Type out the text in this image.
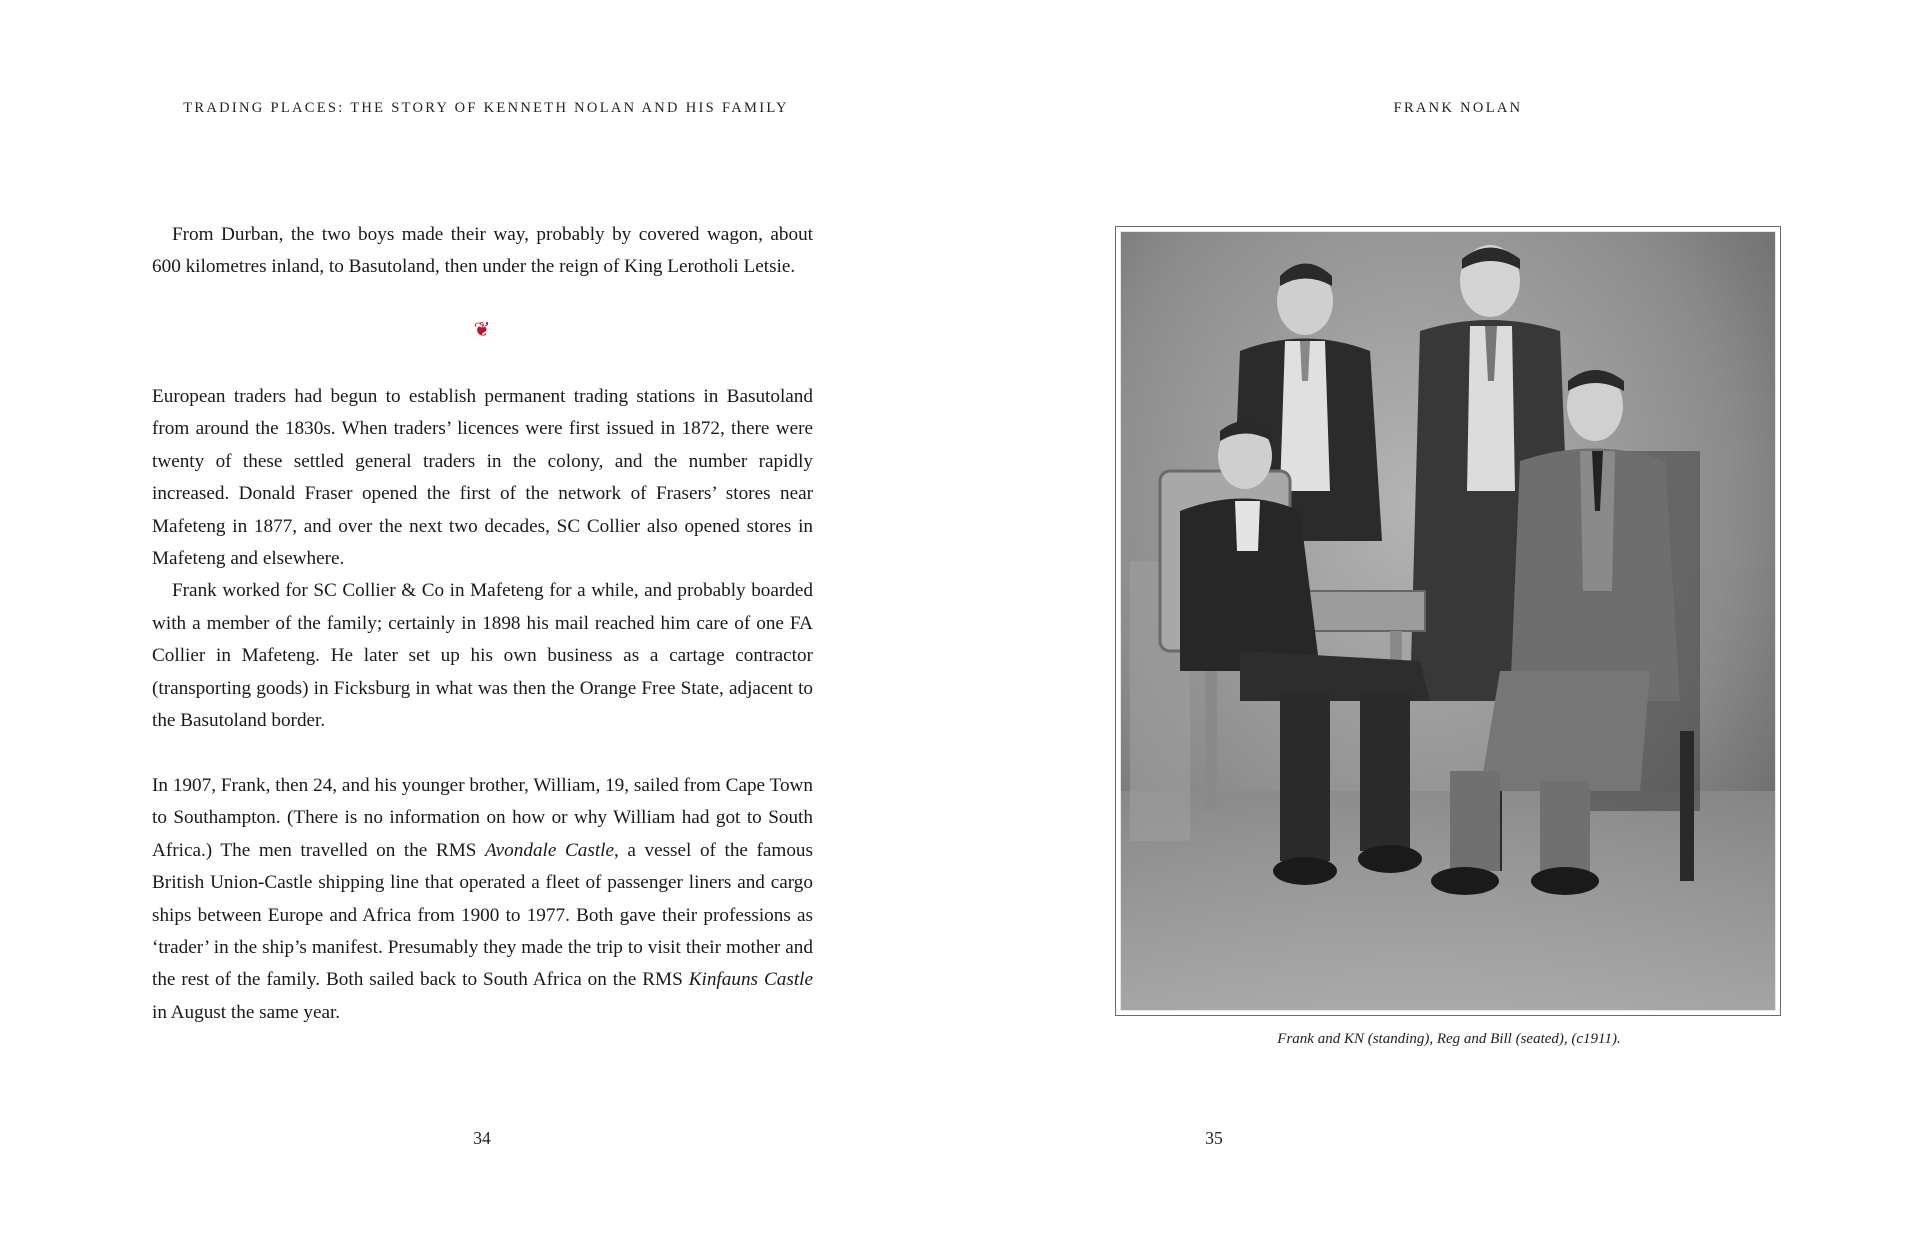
TRADING PLACES: THE STORY OF KENNETH NOLAN AND HIS FAMILY

From Durban, the two boys made their way, probably by covered wagon, about 600 kilometres inland, to Basutoland, then under the reign of King Lerotholi Letsie.

❦

European traders had begun to establish permanent trading stations in Basutoland from around the 1830s. When traders’ licences were first issued in 1872, there were twenty of these settled general traders in the colony, and the number rapidly increased. Donald Fraser opened the first of the network of Frasers’ stores near Mafeteng in 1877, and over the next two decades, SC Collier also opened stores in Mafeteng and elsewhere.

Frank worked for SC Collier & Co in Mafeteng for a while, and probably boarded with a member of the family; certainly in 1898 his mail reached him care of one FA Collier in Mafeteng. He later set up his own business as a cartage contractor (transporting goods) in Ficksburg in what was then the Orange Free State, adjacent to the Basutoland border.

In 1907, Frank, then 24, and his younger brother, William, 19, sailed from Cape Town to Southampton. (There is no information on how or why William had got to South Africa.) The men travelled on the RMS Avondale Castle, a vessel of the famous British Union-Castle shipping line that operated a fleet of passenger liners and cargo ships between Europe and Africa from 1900 to 1977. Both gave their professions as ‘trader’ in the ship’s manifest. Presumably they made the trip to visit their mother and the rest of the family. Both sailed back to South Africa on the RMS Kinfauns Castle in August the same year.

34
FRANK NOLAN
Frank and KN (standing), Reg and Bill (seated), (c1911).
35
